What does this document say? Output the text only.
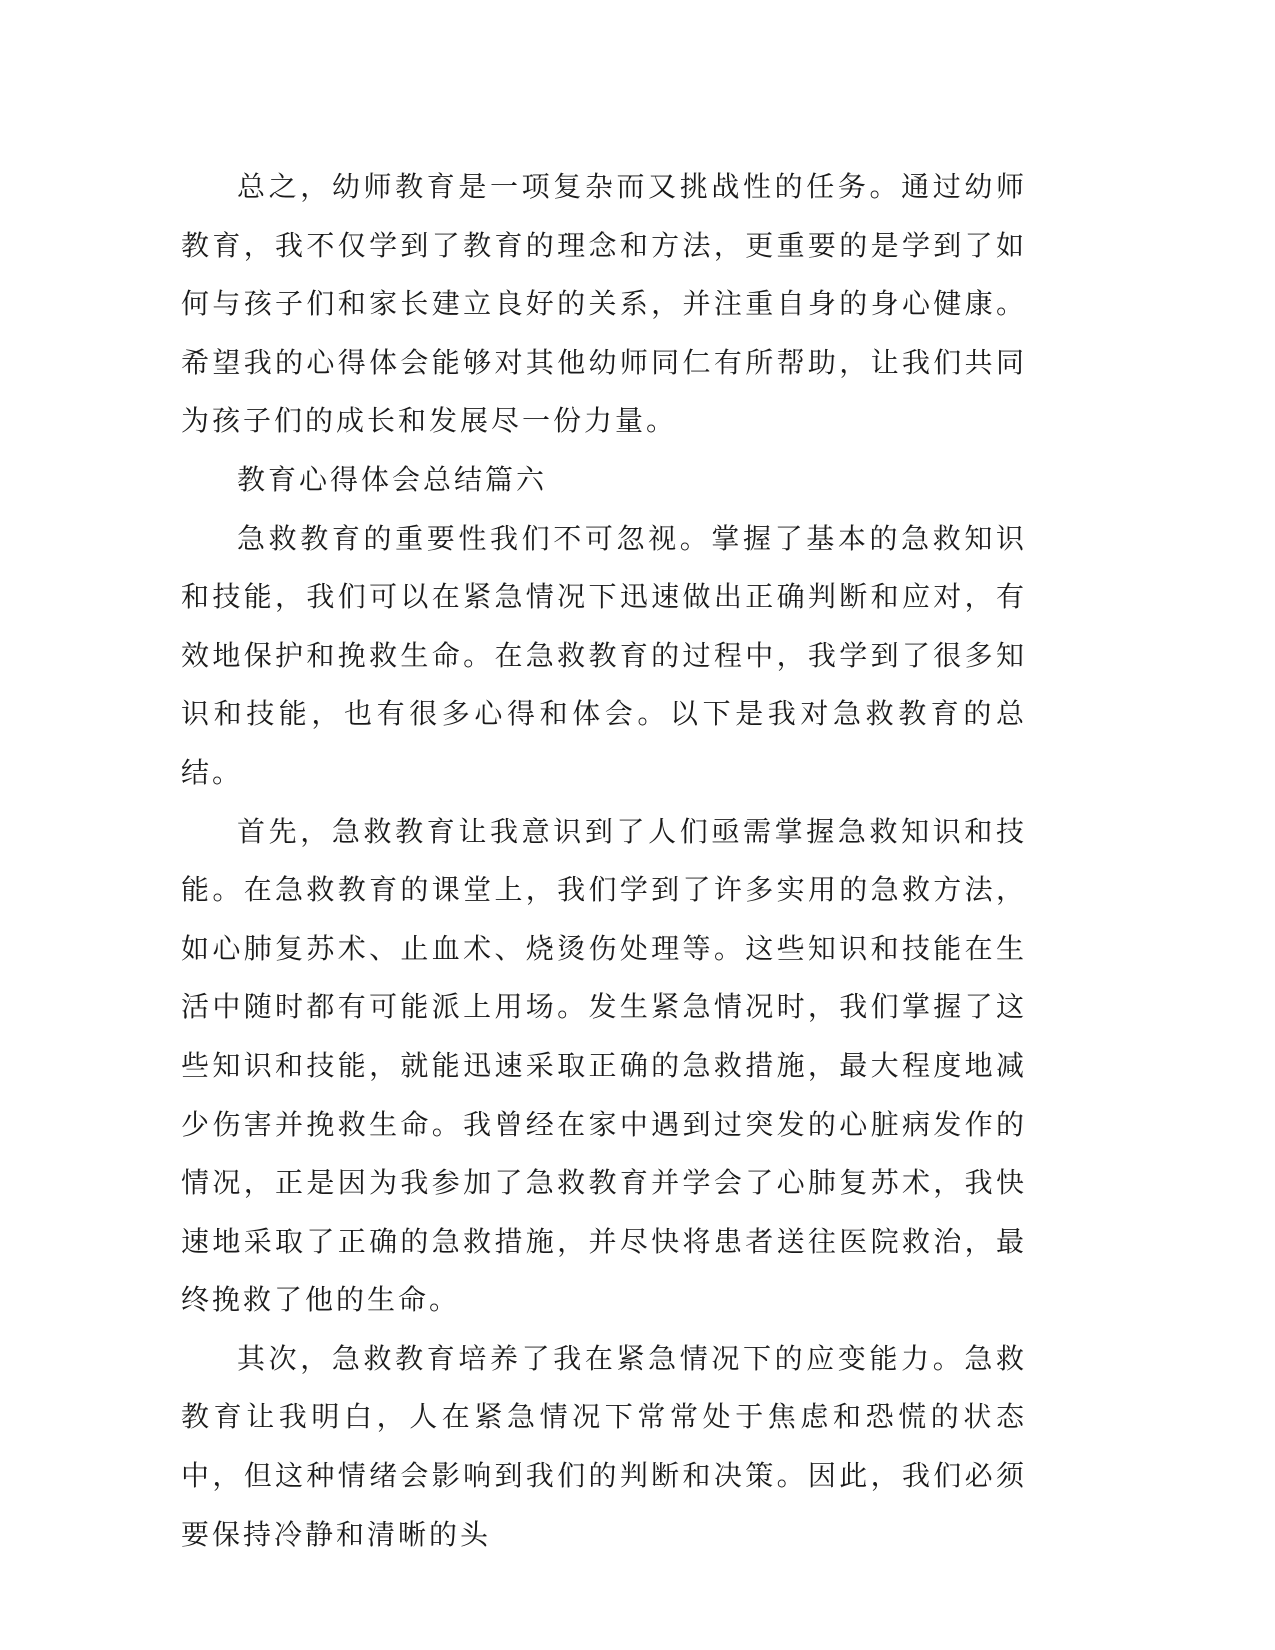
总之，幼师教育是一项复杂而又挑战性的任务。通过幼师教育，我不仅学到了教育的理念和方法，更重要的是学到了如何与孩子们和家长建立良好的关系，并注重自身的身心健康。希望我的心得体会能够对其他幼师同仁有所帮助，让我们共同为孩子们的成长和发展尽一份力量。

教育心得体会总结篇六

急救教育的重要性我们不可忽视。掌握了基本的急救知识和技能，我们可以在紧急情况下迅速做出正确判断和应对，有效地保护和挽救生命。在急救教育的过程中，我学到了很多知识和技能，也有很多心得和体会。以下是我对急救教育的总结。

首先，急救教育让我意识到了人们亟需掌握急救知识和技能。在急救教育的课堂上，我们学到了许多实用的急救方法，如心肺复苏术、止血术、烧烫伤处理等。这些知识和技能在生活中随时都有可能派上用场。发生紧急情况时，我们掌握了这些知识和技能，就能迅速采取正确的急救措施，最大程度地减少伤害并挽救生命。我曾经在家中遇到过突发的心脏病发作的情况，正是因为我参加了急救教育并学会了心肺复苏术，我快速地采取了正确的急救措施，并尽快将患者送往医院救治，最终挽救了他的生命。

其次，急救教育培养了我在紧急情况下的应变能力。急救教育让我明白，人在紧急情况下常常处于焦虑和恐慌的状态中，但这种情绪会影响到我们的判断和决策。因此，我们必须要保持冷静和清晰的头
